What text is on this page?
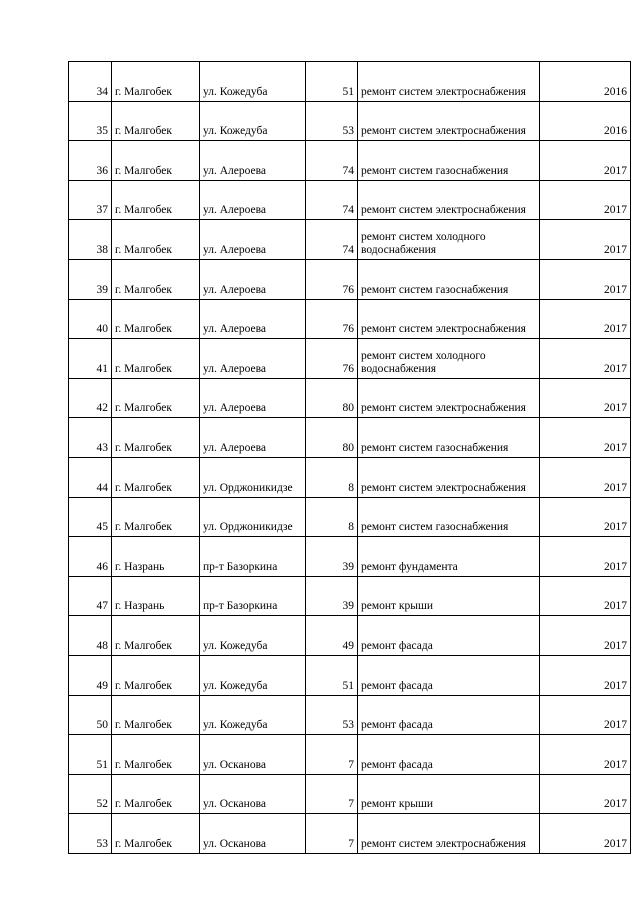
34	г. Малгобек	ул. Кожедуба	51	ремонт систем электроснабжения	2016
35	г. Малгобек	ул. Кожедуба	53	ремонт систем электроснабжения	2016
36	г. Малгобек	ул. Алероева	74	ремонт систем газоснабжения	2017
37	г. Малгобек	ул. Алероева	74	ремонт систем электроснабжения	2017
38	г. Малгобек	ул. Алероева	74	ремонт систем холодного водоснабжения	2017
39	г. Малгобек	ул. Алероева	76	ремонт систем газоснабжения	2017
40	г. Малгобек	ул. Алероева	76	ремонт систем электроснабжения	2017
41	г. Малгобек	ул. Алероева	76	ремонт систем холодного водоснабжения	2017
42	г. Малгобек	ул. Алероева	80	ремонт систем электроснабжения	2017
43	г. Малгобек	ул. Алероева	80	ремонт систем газоснабжения	2017
44	г. Малгобек	ул. Орджоникидзе	8	ремонт систем электроснабжения	2017
45	г. Малгобек	ул. Орджоникидзе	8	ремонт систем газоснабжения	2017
46	г. Назрань	пр-т Базоркина	39	ремонт фундамента	2017
47	г. Назрань	пр-т Базоркина	39	ремонт крыши	2017
48	г. Малгобек	ул. Кожедуба	49	ремонт фасада	2017
49	г. Малгобек	ул. Кожедуба	51	ремонт фасада	2017
50	г. Малгобек	ул. Кожедуба	53	ремонт фасада	2017
51	г. Малгобек	ул. Осканова	7	ремонт фасада	2017
52	г. Малгобек	ул. Осканова	7	ремонт крыши	2017
53	г. Малгобек	ул. Осканова	7	ремонт систем электроснабжения	2017
